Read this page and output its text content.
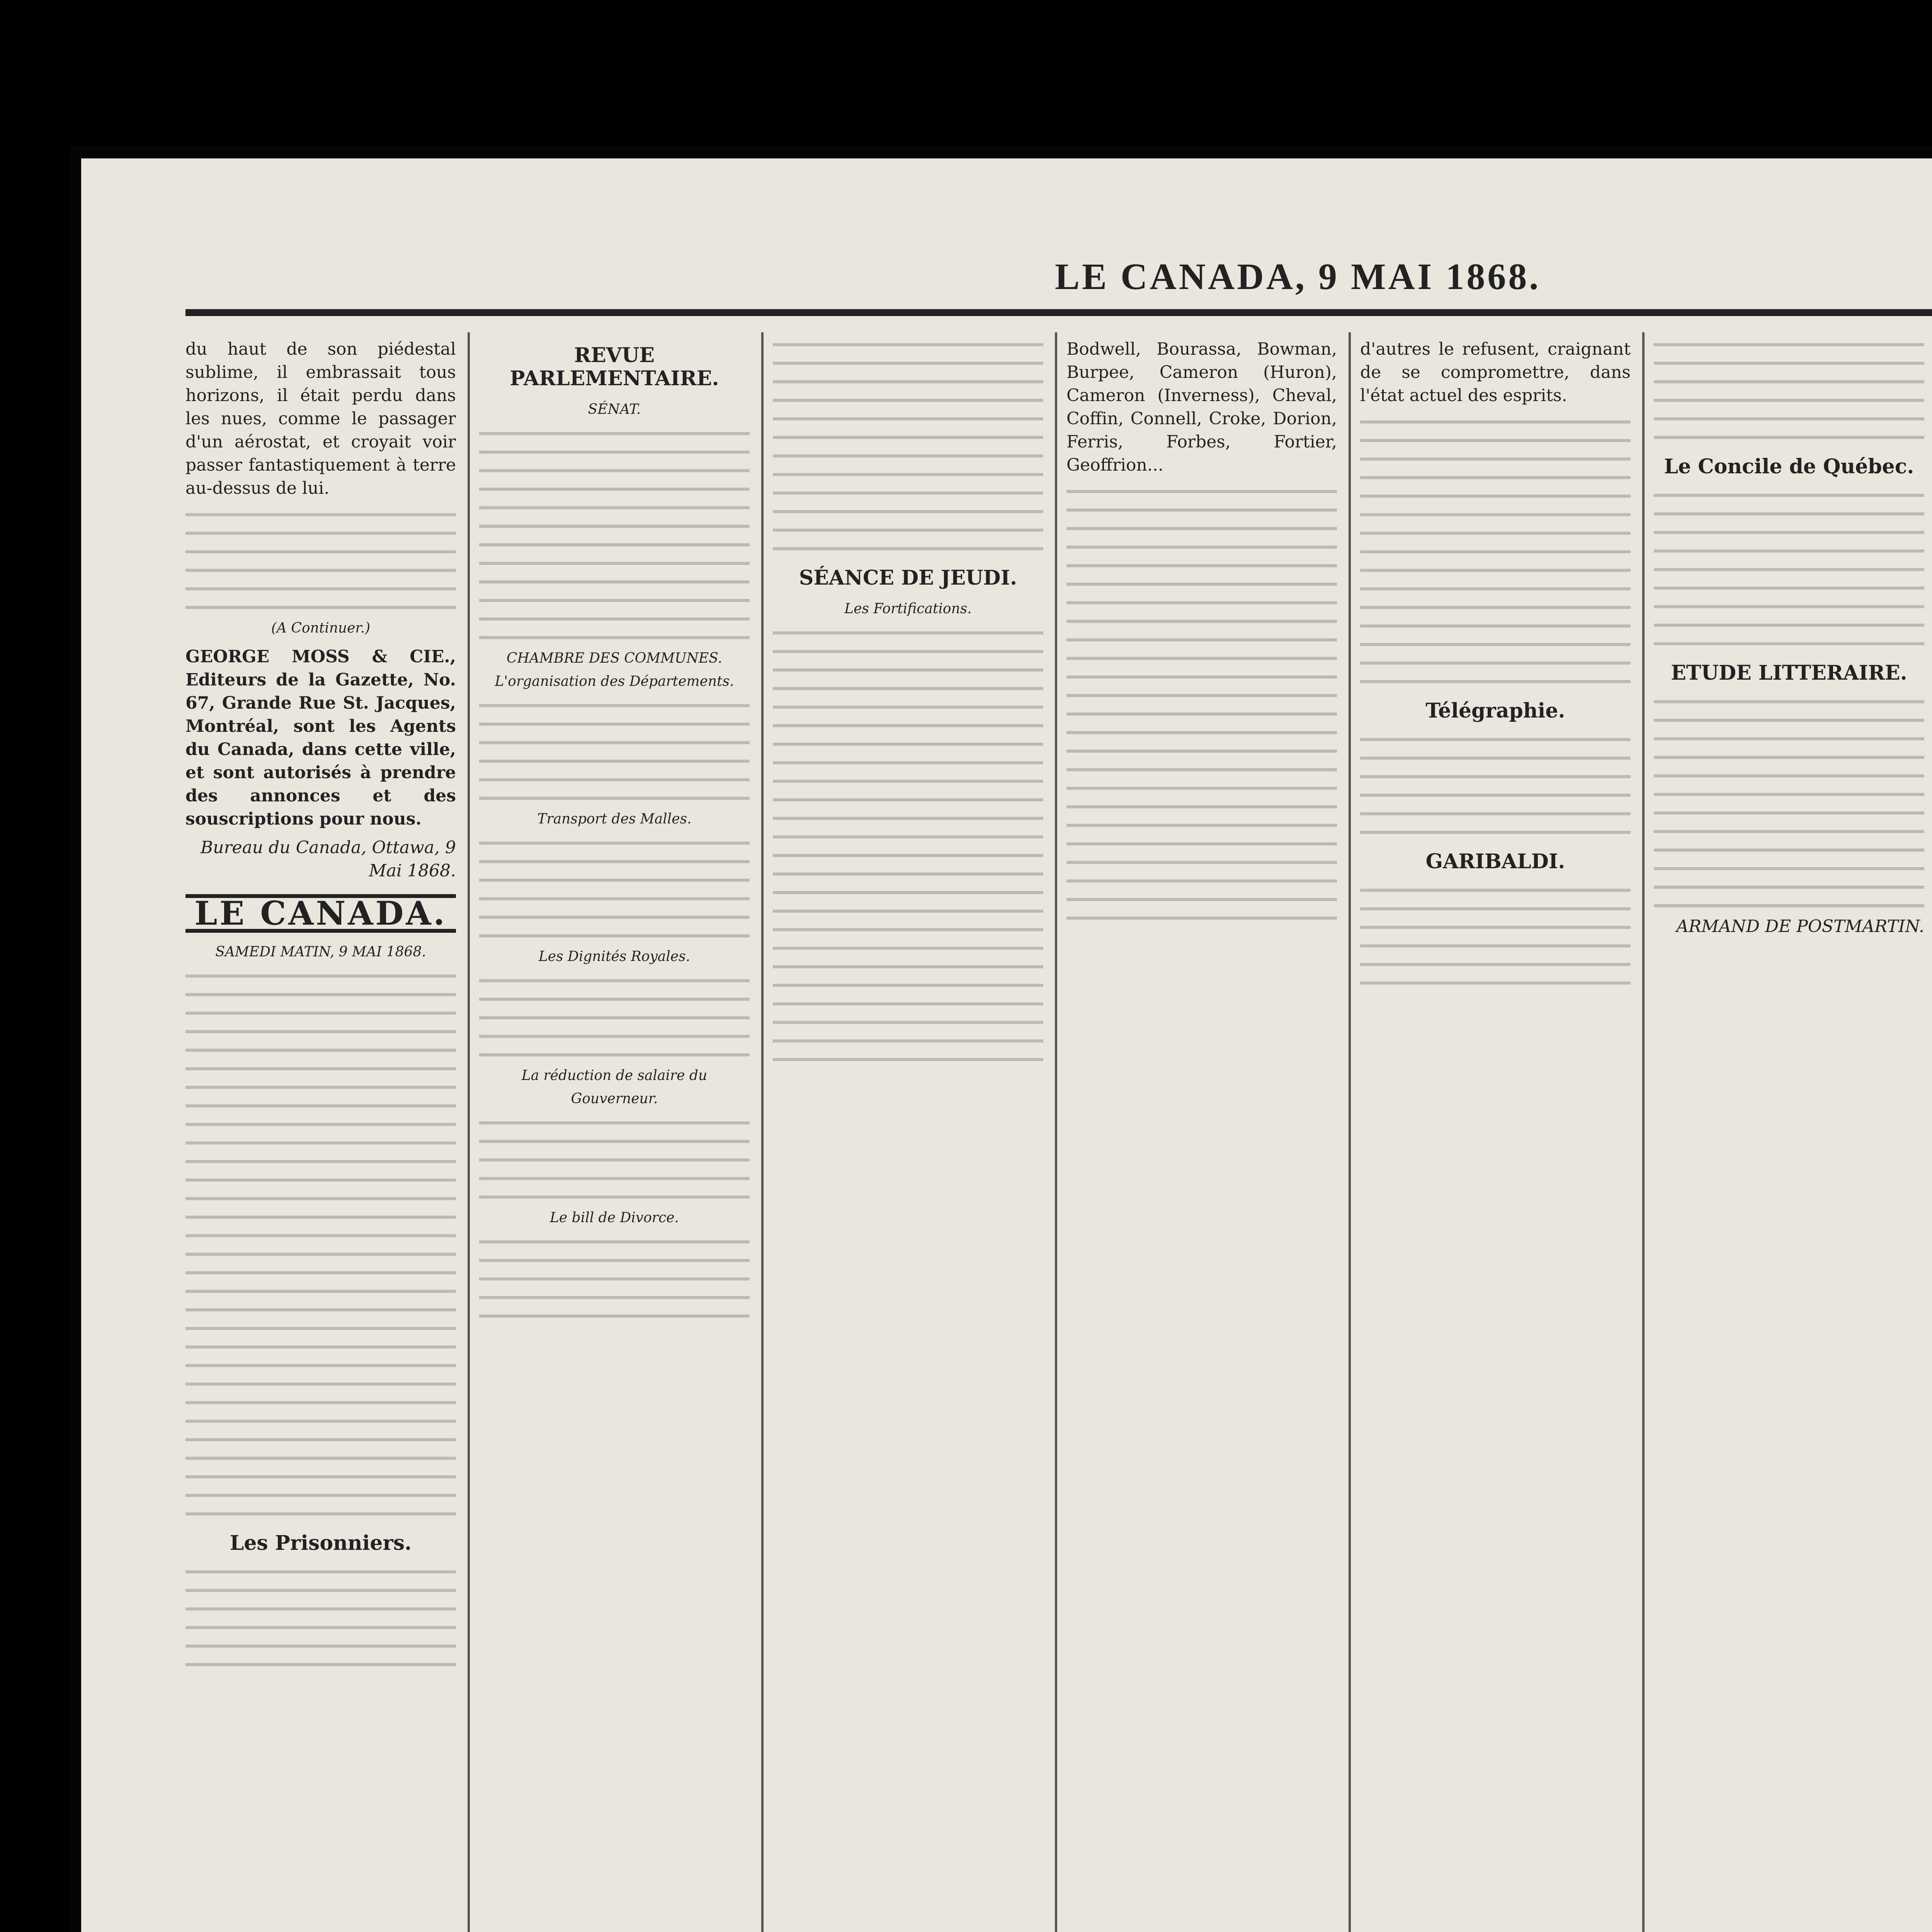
LE CANADA, 9 MAI 1868.
du haut de son piédestal sublime, il embrassait tous horizons, il était perdu dans les nues, comme le passager d'un aérostat, et croyait voir passer fantastiquement à terre au-dessus de lui.
(A Continuer.)
GEORGE MOSS & CIE., Editeurs de la Gazette, No. 67, Grande Rue St. Jacques, Montréal, sont les Agents du Canada, dans cette ville, et sont autorisés à prendre des annonces et des souscriptions pour nous.
Bureau du Canada, Ottawa, 9 Mai 1868.
LE CANADA.
SAMEDI MATIN, 9 MAI 1868.
Les Prisonniers.
REVUE PARLEMENTAIRE.
SÉNAT.
CHAMBRE DES COMMUNES.
L'organisation des Départements.
Transport des Malles.
Les Dignités Royales.
La réduction de salaire du Gouverneur.
Le bill de Divorce.
SÉANCE DE JEUDI.
Les Fortifications.
Bodwell, Bourassa, Bowman, Burpee, Cameron (Huron), Cameron (Inverness), Cheval, Coffin, Connell, Croke, Dorion, Ferris, Forbes, Fortier, Geoffrion...
d'autres le refusent, craignant de se compromettre, dans l'état actuel des esprits.
Télégraphie.
GARIBALDI.
Le Concile de Québec.
ETUDE LITTERAIRE.
ARMAND DE POSTMARTIN.
